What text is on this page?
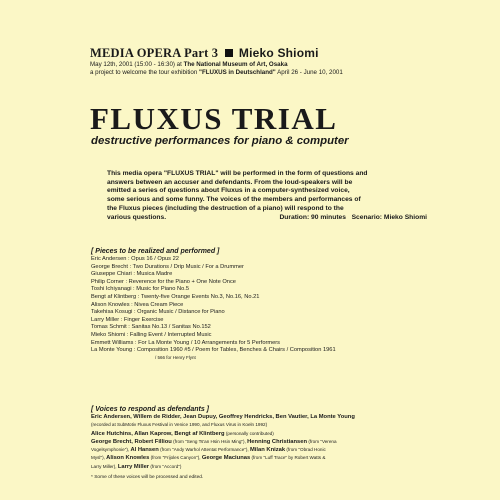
MEDIA OPERA Part 3 Mieko Shiomi
May 12th, 2001 (15:00 - 16:30) at The National Museum of Art, Osaka
a project to welcome the tour exhibition "FLUXUS in Deutschland" April 26 - June 10, 2001
FLUXUS TRIAL
destructive performances for piano & computer
This media opera "FLUXUS TRIAL" will be performed in the form of questions and
answers between an accuser and defendants. From the loud-speakers will be
emitted a series of questions about Fluxus in a computer-synthesized voice,
some serious and some funny. The voices of the members and performances of
the Fluxus pieces (including the destruction of a piano) will respond to the
various questions.	Duration: 90 minutes Scenario: Mieko Shiomi
[ Pieces to be realized and performed ]
Eric Andersen : Opus 16 / Opus 22
George Brecht : Two Durations / Drip Music / For a Drummer
Giuseppe Chiari : Musica Madre
Philip Corner : Reverence for the Piano + One Note Once
Toshi Ichiyanagi : Music for Piano No.5
Bengt af Klintberg : Twenty-five Orange Events No.3, No.16, No.21
Alison Knowles : Nivea Cream Piece
Takehisa Kosugi : Organic Music / Distance for Piano
Larry Miller : Finger Exercise
Tomas Schmit : Sanitas No.13 / Sanitas No.152
Mieko Shiomi : Falling Event / Interrupted Music
Emmett Williams : For La Monte Young / 10 Arrangements for 5 Performers
La Monte Young : Composition 1960 #5 / Poem for Tables, Benches & Chairs / Composition 1961
/ 566 for Henry Flynt
[ Voices to respond as defendants ]
Eric Andersen, Willem de Ridder, Jean Dupuy, Geoffrey Hendricks, Ben Vautier, La Monte Young
(recorded at SubMotiv Fluxus Festival in Venice 1990, and Fluxus Virus in Koeln 1992)
Alice Hutchins, Allan Kaprow, Bengt af Klintberg (personally contributed)
George Brecht, Robert Filliou (from "Seng Ts'an Hsin Hsin Ming"), Henning Christiansen (from "Verena
Vogelsymphonie"), Al Hansen (from "Andy Warhol Attentat Performance"), Milan Knizak (from "Obrad Honic
Mysl"), Alison Knowles (from "Frijoles Canyon"), George Maciunas (from "Luff Trace" by Robert Watts &
Larry Miller), Larry Miller (from "Accord")
* Some of these voices will be processed and edited.
